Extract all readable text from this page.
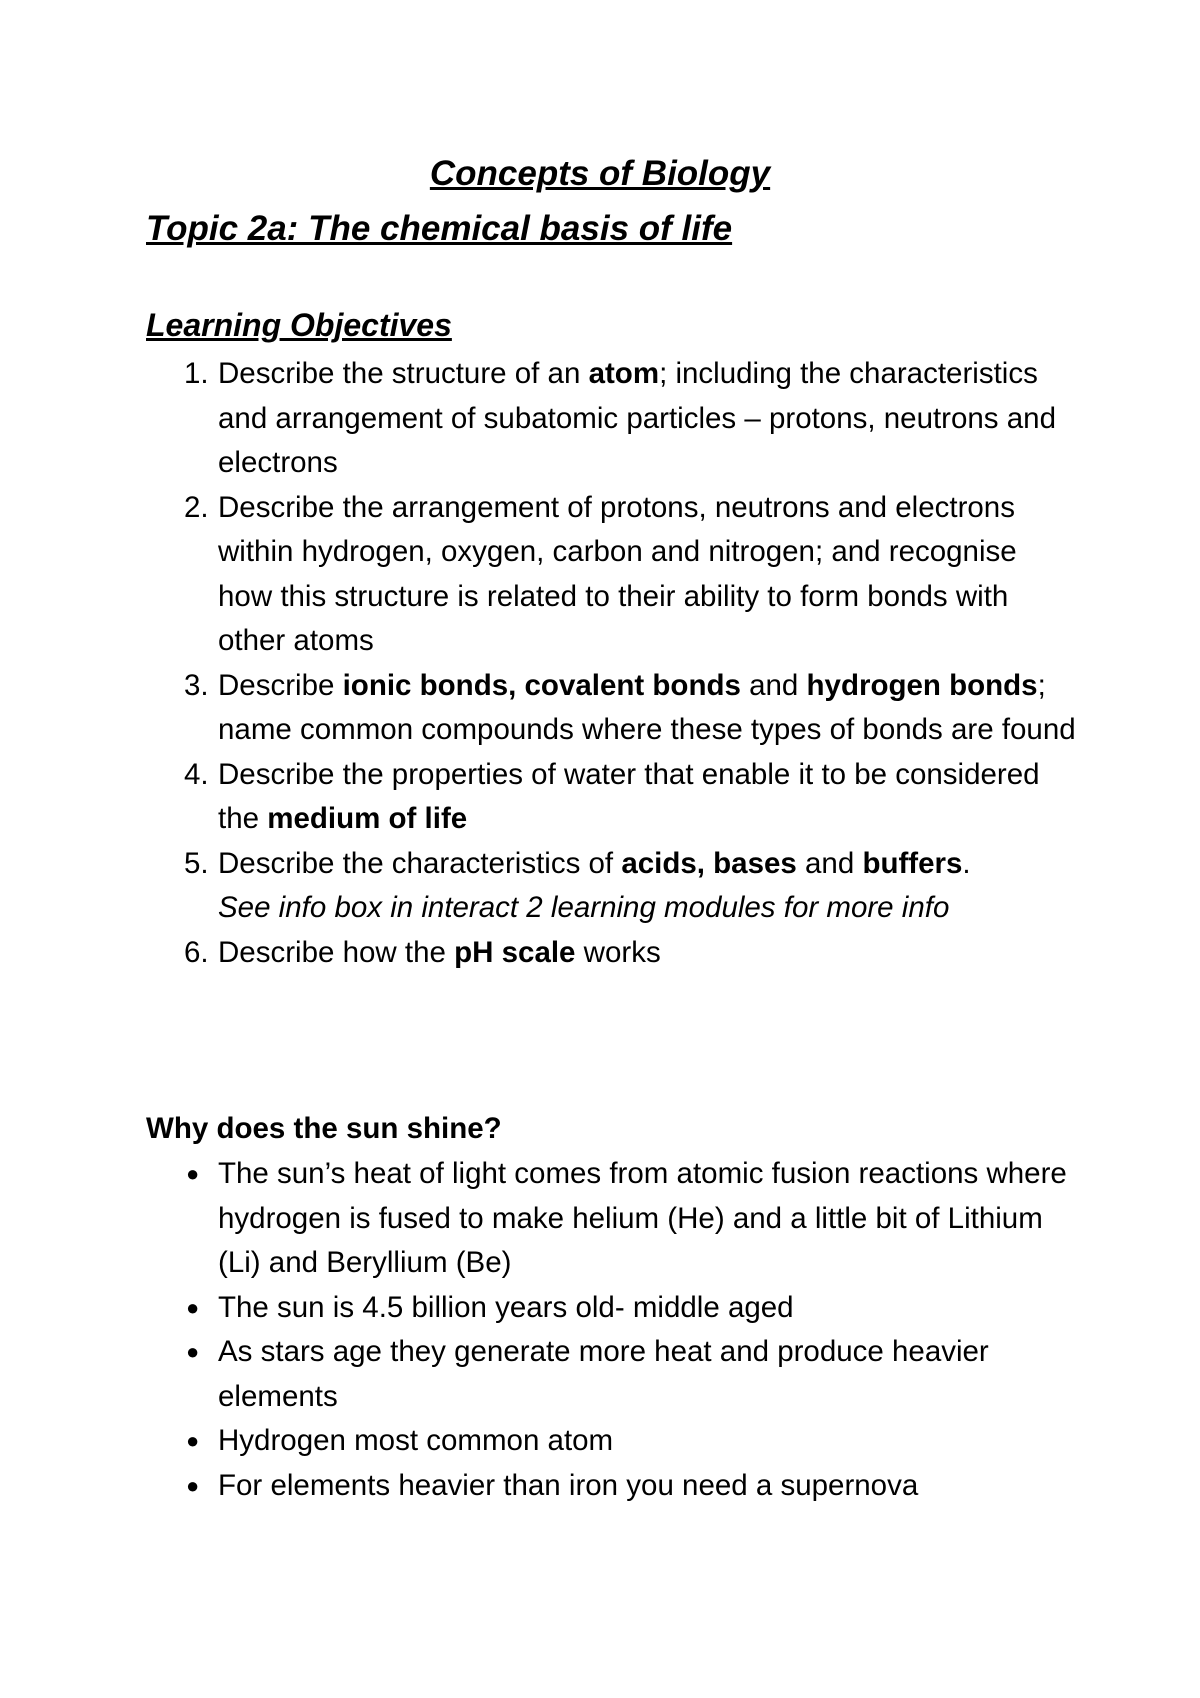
Concepts of Biology
Topic 2a: The chemical basis of life
Learning Objectives
1. Describe the structure of an atom; including the characteristics and arrangement of subatomic particles – protons, neutrons and electrons
2. Describe the arrangement of protons, neutrons and electrons within hydrogen, oxygen, carbon and nitrogen; and recognise how this structure is related to their ability to form bonds with other atoms
3. Describe ionic bonds, covalent bonds and hydrogen bonds; name common compounds where these types of bonds are found
4. Describe the properties of water that enable it to be considered the medium of life
5. Describe the characteristics of acids, bases and buffers.
See info box in interact 2 learning modules for more info
6. Describe how the pH scale works
Why does the sun shine?
● The sun’s heat of light comes from atomic fusion reactions where hydrogen is fused to make helium (He) and a little bit of Lithium (Li) and Beryllium (Be)
● The sun is 4.5 billion years old- middle aged
● As stars age they generate more heat and produce heavier elements
● Hydrogen most common atom
● For elements heavier than iron you need a supernova
